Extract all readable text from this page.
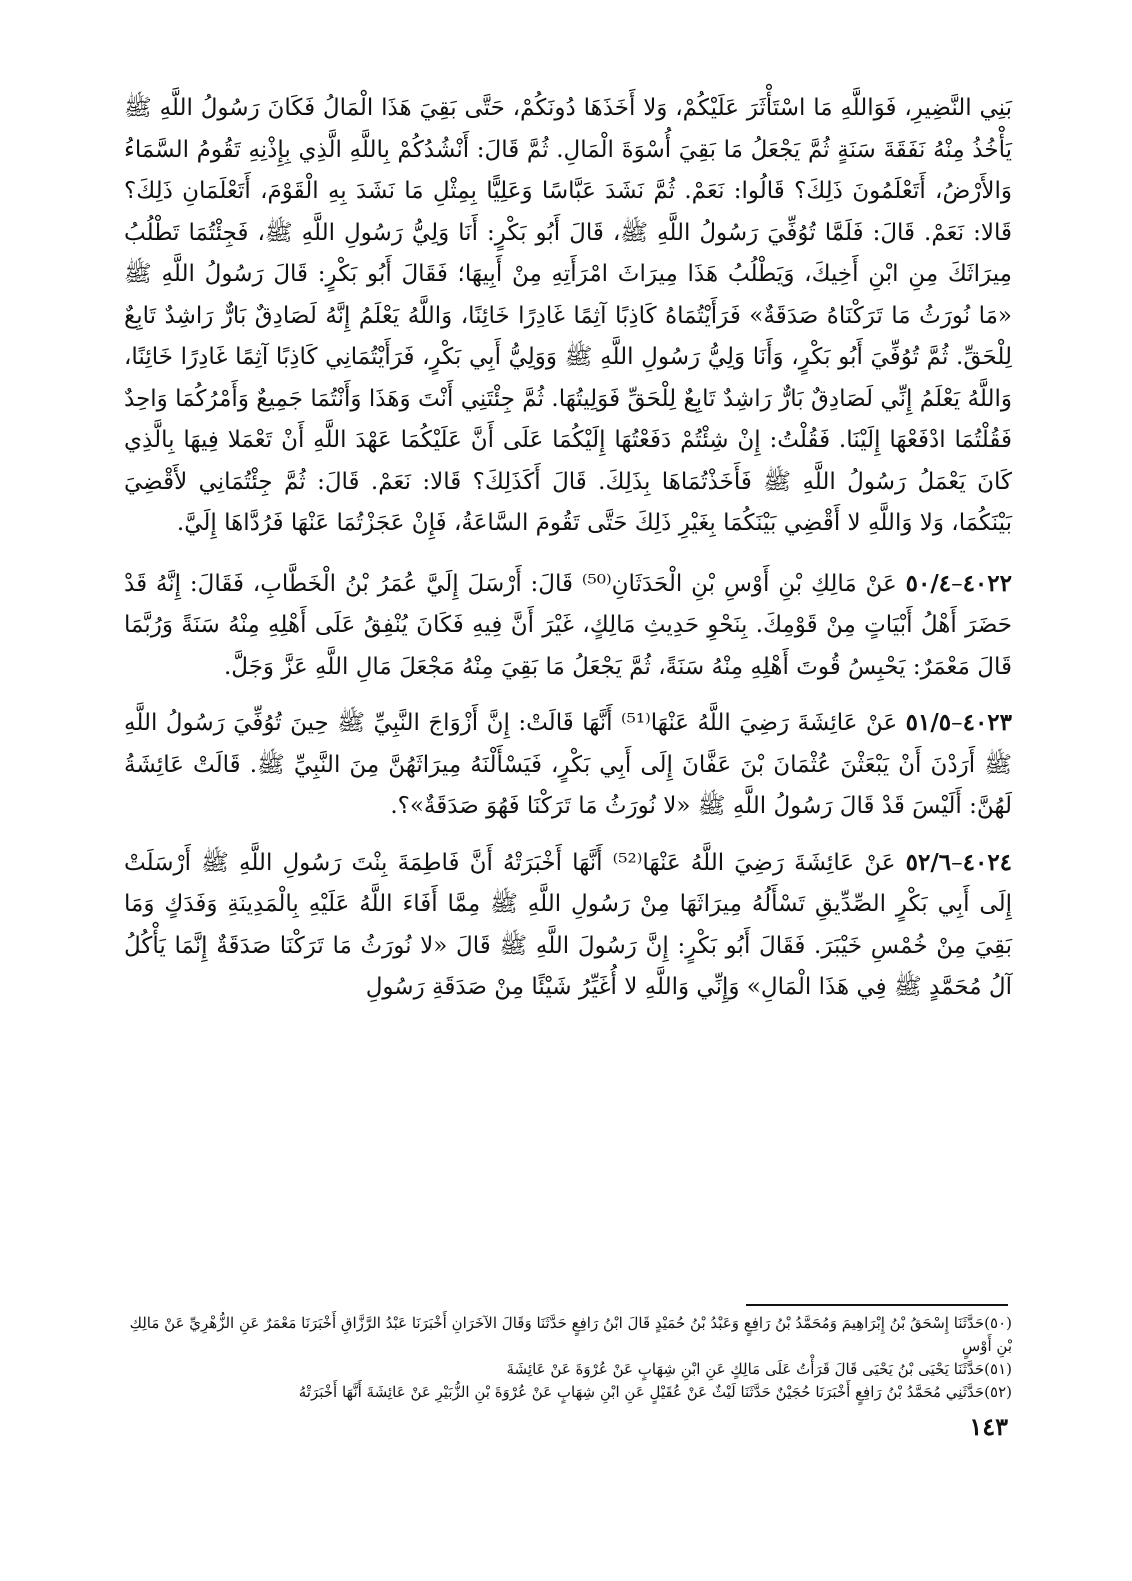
بَنِي النَّضِيرِ، فَوَاللَّهِ مَا اسْتَأْثَرَ عَلَيْكُمْ، وَلا أَخَذَهَا دُونَكُمْ، حَتَّى بَقِيَ هَذَا الْمَالُ فَكَانَ رَسُولُ اللَّهِ ﷺ يَأْخُذُ مِنْهُ نَفَقَةَ سَنَةٍ ثُمَّ يَجْعَلُ مَا بَقِيَ أُسْوَةَ الْمَالِ. ثُمَّ قَالَ: أَنْشُدُكُمْ بِاللَّهِ الَّذِي بِإِذْنِهِ تَقُومُ السَّمَاءُ وَالأَرْضُ، أَتَعْلَمُونَ ذَلِكَ؟ قَالُوا: نَعَمْ. ثُمَّ نَشَدَ عَبَّاسًا وَعَلِيًّا بِمِثْلِ مَا نَشَدَ بِهِ الْقَوْمَ، أَتَعْلَمَانِ ذَلِكَ؟ قَالا: نَعَمْ. قَالَ: فَلَمَّا تُوُفِّيَ رَسُولُ اللَّهِ ﷺ، قَالَ أَبُو بَكْرٍ: أَنَا وَلِيُّ رَسُولِ اللَّهِ ﷺ، فَجِئْتُمَا تَطْلُبُ مِيرَاثَكَ مِنِ ابْنِ أَخِيكَ، وَيَطْلُبُ هَذَا مِيرَاثَ امْرَأَتِهِ مِنْ أَبِيهَا؛ فَقَالَ أَبُو بَكْرٍ: قَالَ رَسُولُ اللَّهِ ﷺ «مَا نُورَثُ مَا تَرَكْنَاهُ صَدَقَةٌ» فَرَأَيْتُمَاهُ كَاذِبًا آثِمًا غَادِرًا خَائِنًا، وَاللَّهُ يَعْلَمُ إِنَّهُ لَصَادِقٌ بَارٌّ رَاشِدٌ تَابِعٌ لِلْحَقِّ. ثُمَّ تُوُفِّيَ أَبُو بَكْرٍ، وَأَنَا وَلِيُّ رَسُولِ اللَّهِ ﷺ وَوَلِيُّ أَبِي بَكْرٍ، فَرَأَيْتُمَانِي كَاذِبًا آثِمًا غَادِرًا خَائِنًا، وَاللَّهُ يَعْلَمُ إِنِّي لَصَادِقٌ بَارٌّ رَاشِدٌ تَابِعٌ لِلْحَقِّ فَوَلِيتُهَا. ثُمَّ جِئْتَنِي أَنْتَ وَهَذَا وَأَنْتُمَا جَمِيعٌ وَأَمْرُكُمَا وَاحِدٌ فَقُلْتُمَا ادْفَعْهَا إِلَيْنَا. فَقُلْتُ: إِنْ شِئْتُمْ دَفَعْتُهَا إِلَيْكُمَا عَلَى أَنَّ عَلَيْكُمَا عَهْدَ اللَّهِ أَنْ تَعْمَلا فِيهَا بِالَّذِي كَانَ يَعْمَلُ رَسُولُ اللَّهِ ﷺ فَأَخَذْتُمَاهَا بِذَلِكَ. قَالَ أَكَذَلِكَ؟ قَالا: نَعَمْ. قَالَ: ثُمَّ جِئْتُمَانِي لأَقْضِيَ بَيْنَكُمَا، وَلا وَاللَّهِ لا أَقْضِي بَيْنَكُمَا بِغَيْرِ ذَلِكَ حَتَّى تَقُومَ السَّاعَةُ، فَإِنْ عَجَزْتُمَا عَنْهَا فَرُدَّاهَا إِلَيَّ.

٤٠٢٢–٥٠/٤ عَنْ مَالِكِ بْنِ أَوْسِ بْنِ الْحَدَثَانِ⁽⁵⁰⁾ قَالَ: أَرْسَلَ إِلَيَّ عُمَرُ بْنُ الْخَطَّابِ، فَقَالَ: إِنَّهُ قَدْ حَضَرَ أَهْلُ أَبْيَاتٍ مِنْ قَوْمِكَ. بِنَحْوِ حَدِيثِ مَالِكٍ، غَيْرَ أَنَّ فِيهِ فَكَانَ يُنْفِقُ عَلَى أَهْلِهِ مِنْهُ سَنَةً وَرُبَّمَا قَالَ مَعْمَرٌ: يَحْبِسُ قُوتَ أَهْلِهِ مِنْهُ سَنَةً، ثُمَّ يَجْعَلُ مَا بَقِيَ مِنْهُ مَجْعَلَ مَالِ اللَّهِ عَزَّ وَجَلَّ.

٤٠٢٣–٥١/٥ عَنْ عَائِشَةَ رَضِيَ اللَّهُ عَنْهَا⁽⁵¹⁾ أَنَّهَا قَالَتْ: إِنَّ أَزْوَاجَ النَّبِيِّ ﷺ حِينَ تُوُفِّيَ رَسُولُ اللَّهِ ﷺ أَرَدْنَ أَنْ يَبْعَثْنَ عُثْمَانَ بْنَ عَفَّانَ إِلَى أَبِي بَكْرٍ، فَيَسْأَلْنَهُ مِيرَاثَهُنَّ مِنَ النَّبِيِّ ﷺ. قَالَتْ عَائِشَةُ لَهُنَّ: أَلَيْسَ قَدْ قَالَ رَسُولُ اللَّهِ ﷺ «لا نُورَثُ مَا تَرَكْنَا فَهُوَ صَدَقَةٌ»؟.

٤٠٢٤–٥٢/٦ عَنْ عَائِشَةَ رَضِيَ اللَّهُ عَنْهَا⁽⁵²⁾ أَنَّهَا أَخْبَرَتْهُ أَنَّ فَاطِمَةَ بِنْتَ رَسُولِ اللَّهِ ﷺ أَرْسَلَتْ إِلَى أَبِي بَكْرٍ الصِّدِّيقِ تَسْأَلُهُ مِيرَاثَهَا مِنْ رَسُولِ اللَّهِ ﷺ مِمَّا أَفَاءَ اللَّهُ عَلَيْهِ بِالْمَدِينَةِ وَفَدَكٍ وَمَا بَقِيَ مِنْ خُمْسِ خَيْبَرَ. فَقَالَ أَبُو بَكْرٍ: إِنَّ رَسُولَ اللَّهِ ﷺ قَالَ «لا نُورَثُ مَا تَرَكْنَا صَدَقَةٌ إِنَّمَا يَأْكُلُ آلُ مُحَمَّدٍ ﷺ فِي هَذَا الْمَالِ» وَإِنِّي وَاللَّهِ لا أُغَيِّرُ شَيْئًا مِنْ صَدَقَةِ رَسُولِ

(٥٠)حَدَّثَنَا إِسْحَقُ بْنُ إِبْرَاهِيمَ وَمُحَمَّدُ بْنُ رَافِعٍ وَعَبْدُ بْنُ حُمَيْدٍ قَالَ ابْنُ رَافِعٍ حَدَّثَنَا وَقَالَ الآخَرَانِ أَخْبَرَنَا عَبْدُ الرَّزَّاقِ أَخْبَرَنَا مَعْمَرٌ عَنِ الزُّهْرِيِّ عَنْ مَالِكِ بْنِ أَوْسٍ

(٥١)حَدَّثَنَا يَحْيَى بْنُ يَحْيَى قَالَ قَرَأْتُ عَلَى مَالِكٍ عَنِ ابْنِ شِهَابٍ عَنْ عُرْوَةَ عَنْ عَائِشَةَ

(٥٢)حَدَّثَنِي مُحَمَّدُ بْنُ رَافِعٍ أَخْبَرَنَا حُجَيْنٌ حَدَّثَنَا لَيْثٌ عَنْ عُقَيْلٍ عَنِ ابْنِ شِهَابٍ عَنْ عُرْوَةَ بْنِ الزُّبَيْرِ عَنْ عَائِشَةَ أَنَّهَا أَخْبَرَتْهُ

١٤٣
